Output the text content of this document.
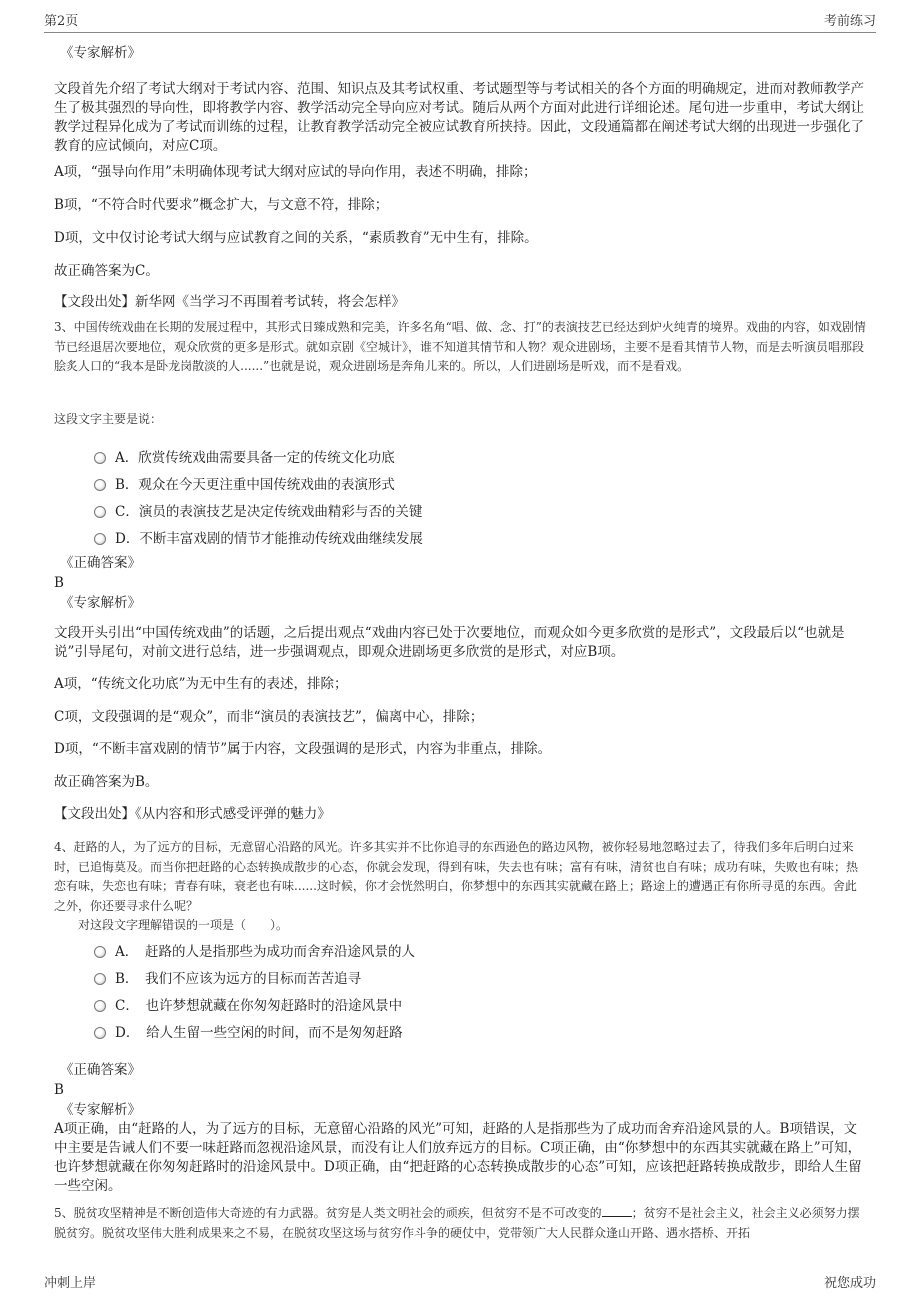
第2页	考前练习

《专家解析》

文段首先介绍了考试大纲对于考试内容、范围、知识点及其考试权重、考试题型等与考试相关的各个方面的明确规定，进而对教师教学产生了极其强烈的导向性，即将教学内容、教学活动完全导向应对考试。随后从两个方面对此进行详细论述。尾句进一步重申，考试大纲让教学过程异化成为了考试而训练的过程，让教育教学活动完全被应试教育所挟持。因此，文段通篇都在阐述考试大纲的出现进一步强化了教育的应试倾向，对应C项。

A项，“强导向作用”未明确体现考试大纲对应试的导向作用，表述不明确，排除；

B项，“不符合时代要求”概念扩大，与文意不符，排除；

D项，文中仅讨论考试大纲与应试教育之间的关系，“素质教育”无中生有，排除。

故正确答案为C。

【文段出处】新华网《当学习不再围着考试转，将会怎样》

3、中国传统戏曲在长期的发展过程中，其形式日臻成熟和完美，许多名角“唱、做、念、打”的表演技艺已经达到炉火纯青的境界。戏曲的内容，如戏剧情节已经退居次要地位，观众欣赏的更多是形式。就如京剧《空城计》，谁不知道其情节和人物？观众进剧场，主要不是看其情节人物，而是去听演员唱那段脍炙人口的“我本是卧龙岗散淡的人......”也就是说，观众进剧场是奔角儿来的。所以，人们进剧场是听戏，而不是看戏。

这段文字主要是说：

A．欣赏传统戏曲需要具备一定的传统文化功底
B．观众在今天更注重中国传统戏曲的表演形式
C．演员的表演技艺是决定传统戏曲精彩与否的关键
D．不断丰富戏剧的情节才能推动传统戏曲继续发展

《正确答案》

B

《专家解析》

文段开头引出“中国传统戏曲”的话题，之后提出观点“戏曲内容已处于次要地位，而观众如今更多欣赏的是形式”，文段最后以“也就是说”引导尾句，对前文进行总结，进一步强调观点，即观众进剧场更多欣赏的是形式，对应B项。

A项，“传统文化功底”为无中生有的表述，排除；

C项，文段强调的是“观众”，而非“演员的表演技艺”，偏离中心，排除；

D项，“不断丰富戏剧的情节”属于内容，文段强调的是形式，内容为非重点，排除。

故正确答案为B。

【文段出处】《从内容和形式感受评弹的魅力》

4、赶路的人，为了远方的目标，无意留心沿路的风光。许多其实并不比你追寻的东西逊色的路边风物，被你轻易地忽略过去了，待我们多年后明白过来时，已追悔莫及。而当你把赶路的心态转换成散步的心态，你就会发现，得到有味，失去也有味；富有有味，清贫也自有味；成功有味，失败也有味；热恋有味，失恋也有味；青春有味，衰老也有味......这时候，你才会恍然明白，你梦想中的东西其实就藏在路上；路途上的遭遇正有你所寻觅的东西。舍此之外，你还要寻求什么呢？

对这段文字理解错误的一项是（　　）。

A．　赶路的人是指那些为成功而舍弃沿途风景的人
B．　我们不应该为远方的目标而苦苦追寻
C．　也许梦想就藏在你匆匆赶路时的沿途风景中
D．　给人生留一些空闲的时间，而不是匆匆赶路

《正确答案》

B

《专家解析》

A项正确，由“赶路的人，为了远方的目标，无意留心沿路的风光”可知，赶路的人是指那些为了成功而舍弃沿途风景的人。B项错误，文中主要是告诫人们不要一味赶路而忽视沿途风景，而没有让人们放弃远方的目标。C项正确，由“你梦想中的东西其实就藏在路上”可知，也许梦想就藏在你匆匆赶路时的沿途风景中。D项正确，由“把赶路的心态转换成散步的心态”可知，应该把赶路转换成散步，即给人生留一些空闲。

5、脱贫攻坚精神是不断创造伟大奇迹的有力武器。贫穷是人类文明社会的顽疾，但贫穷不是不可改变的	；贫穷不是社会主义，社会主义必须努力摆脱贫穷。脱贫攻坚伟大胜利成果来之不易，在脱贫攻坚这场与贫穷作斗争的硬仗中，党带领广大人民群众逢山开路、遇水搭桥、开拓

冲刺上岸	祝您成功
